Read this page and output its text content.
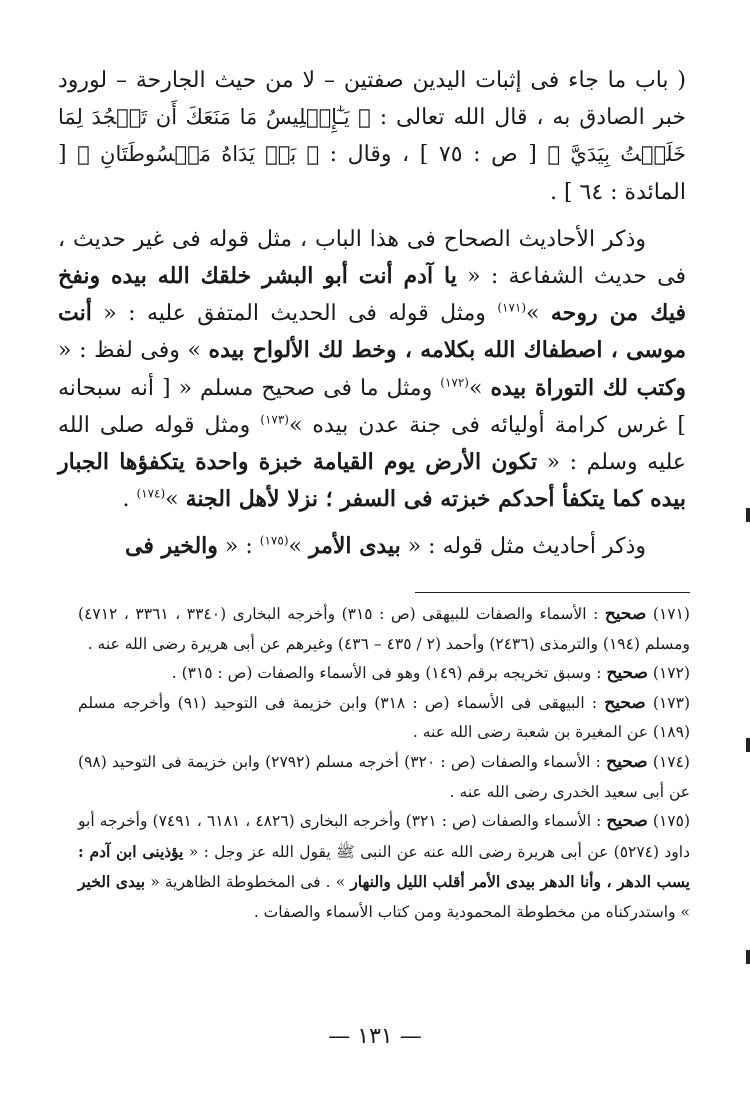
( باب ما جاء فى إثبات اليدين صفتين – لا من حيث الجارحة – لورود خبر الصادق به ، قال الله تعالى : ﴿ يَـٰٓإِبۡلِيسُ مَا مَنَعَكَ أَن تَسۡجُدَ لِمَا خَلَقۡتُ بِيَدَيَّ ﴾ [ ص : ٧٥ ] ، وقال : ﴿ بَلۡ يَدَاهُ مَبۡسُوطَتَانِ ﴾ [ المائدة : ٦٤ ] .

وذكر الأحاديث الصحاح فى هذا الباب ، مثل قوله فى غير حديث ، فى حديث الشفاعة : « يا آدم أنت أبو البشر خلقك الله بيده ونفخ فيك من روحه »$^{(١٧١)}$ ومثل قوله فى الحديث المتفق عليه : « أنت موسى ، اصطفاك الله بكلامه ، وخط لك الألواح بيده » وفى لفظ : « وكتب لك التوراة بيده »$^{(١٧٢)}$ ومثل ما فى صحيح مسلم « [ أنه سبحانه ] غرس كرامة أوليائه فى جنة عدن بيده »$^{(١٧٣)}$ ومثل قوله صلى الله عليه وسلم : « تكون الأرض يوم القيامة خبزة واحدة يتكفؤها الجبار بيده كما يتكفأ أحدكم خبزته فى السفر ؛ نزلا لأهل الجنة »$^{(١٧٤)}$ .

وذكر أحاديث مثل قوله : « بيدى الأمر »$^{(١٧٥)}$ : « والخير فى

(١٧١) صحيح : الأسماء والصفات للبيهقى (ص : ٣١٥) وأخرجه البخارى (٣٣٤٠ ، ٣٣٦١ ، ٤٧١٢) ومسلم (١٩٤) والترمذى (٢٤٣٦) وأحمد (٢ / ٤٣٥ – ٤٣٦) وغيرهم عن أبى هريرة رضى الله عنه .

(١٧٢) صحيح : وسبق تخريجه برقم (١٤٩) وهو فى الأسماء والصفات (ص : ٣١٥) .

(١٧٣) صحيح : البيهقى فى الأسماء (ص : ٣١٨) وابن خزيمة فى التوحيد (٩١) وأخرجه مسلم (١٨٩) عن المغيرة بن شعبة رضى الله عنه .

(١٧٤) صحيح : الأسماء والصفات (ص : ٣٢٠) أخرجه مسلم (٢٧٩٢) وابن خزيمة فى التوحيد (٩٨) عن أبى سعيد الخدرى رضى الله عنه .

(١٧٥) صحيح : الأسماء والصفات (ص : ٣٢١) وأخرجه البخارى (٤٨٢٦ ، ٦١٨١ ، ٧٤٩١) وأخرجه أبو داود (٥٢٧٤) عن أبى هريرة رضى الله عنه عن النبى ﷺ يقول الله عز وجل : « يؤذينى ابن آدم : يسب الدهر ، وأنا الدهر بيدى الأمر أقلب الليل والنهار » . فى المخطوطة الظاهرية « بيدى الخير » واستدركناه من مخطوطة المحمودية ومن كتاب الأسماء والصفات .

— ١٣١ —
